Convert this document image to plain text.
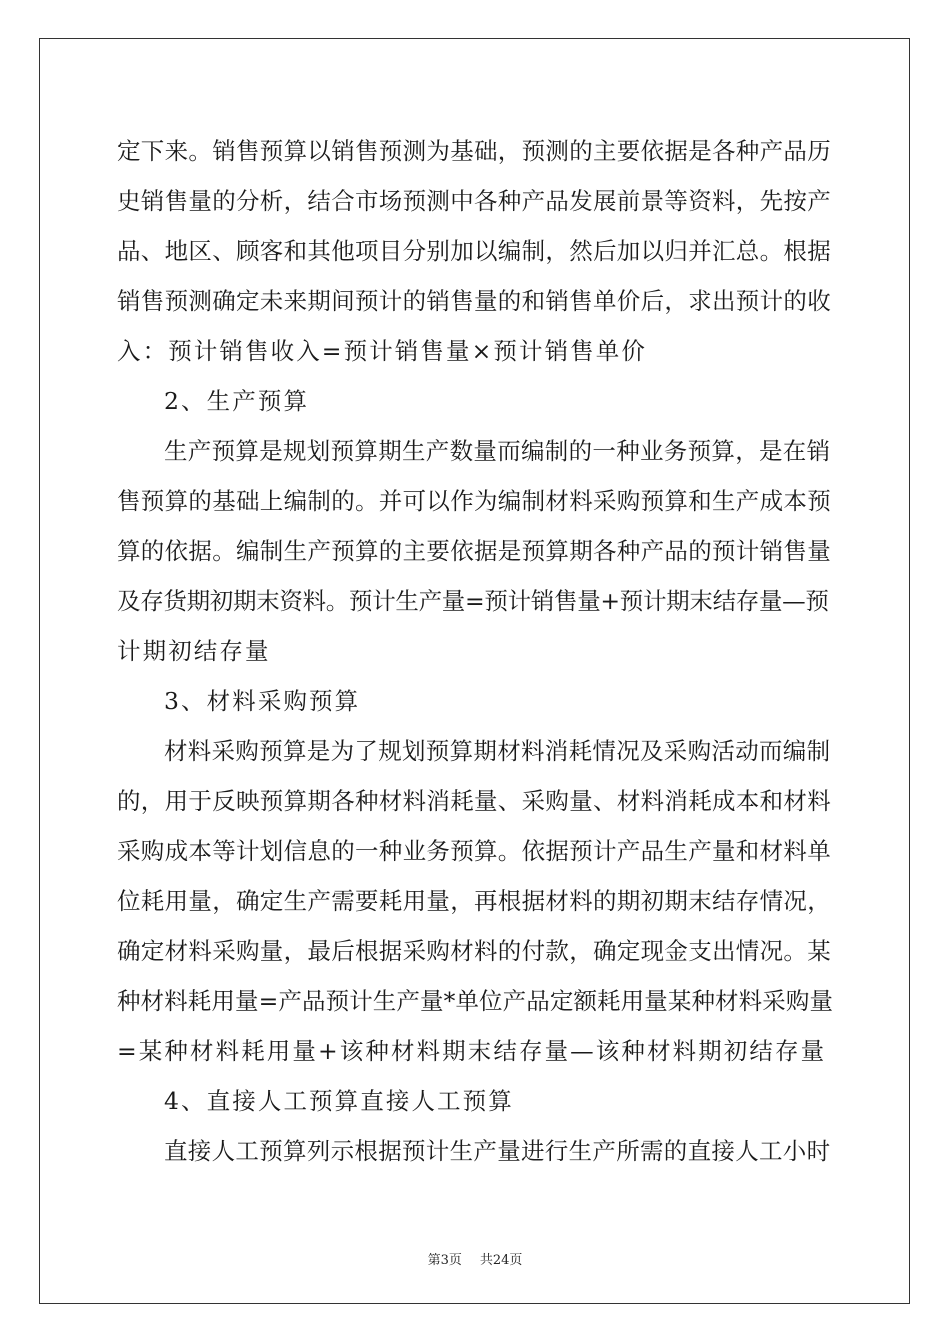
定下来。销售预算以销售预测为基础，预测的主要依据是各种产品历
史销售量的分析，结合市场预测中各种产品发展前景等资料，先按产
品、地区、顾客和其他项目分别加以编制，然后加以归并汇总。根据
销售预测确定未来期间预计的销售量的和销售单价后，求出预计的收
入：预计销售收入=预计销售量×预计销售单价
2、生产预算
生产预算是规划预算期生产数量而编制的一种业务预算，是在销
售预算的基础上编制的。并可以作为编制材料采购预算和生产成本预
算的依据。编制生产预算的主要依据是预算期各种产品的预计销售量
及存货期初期末资料。预计生产量=预计销售量+预计期末结存量—预
计期初结存量
3、材料采购预算
材料采购预算是为了规划预算期材料消耗情况及采购活动而编制
的，用于反映预算期各种材料消耗量、采购量、材料消耗成本和材料
采购成本等计划信息的一种业务预算。依据预计产品生产量和材料单
位耗用量，确定生产需要耗用量，再根据材料的期初期末结存情况，
确定材料采购量，最后根据采购材料的付款，确定现金支出情况。某
种材料耗用量=产品预计生产量*单位产品定额耗用量某种材料采购量
=某种材料耗用量+该种材料期末结存量—该种材料期初结存量
4、直接人工预算直接人工预算
直接人工预算列示根据预计生产量进行生产所需的直接人工小时
第3页 共24页
